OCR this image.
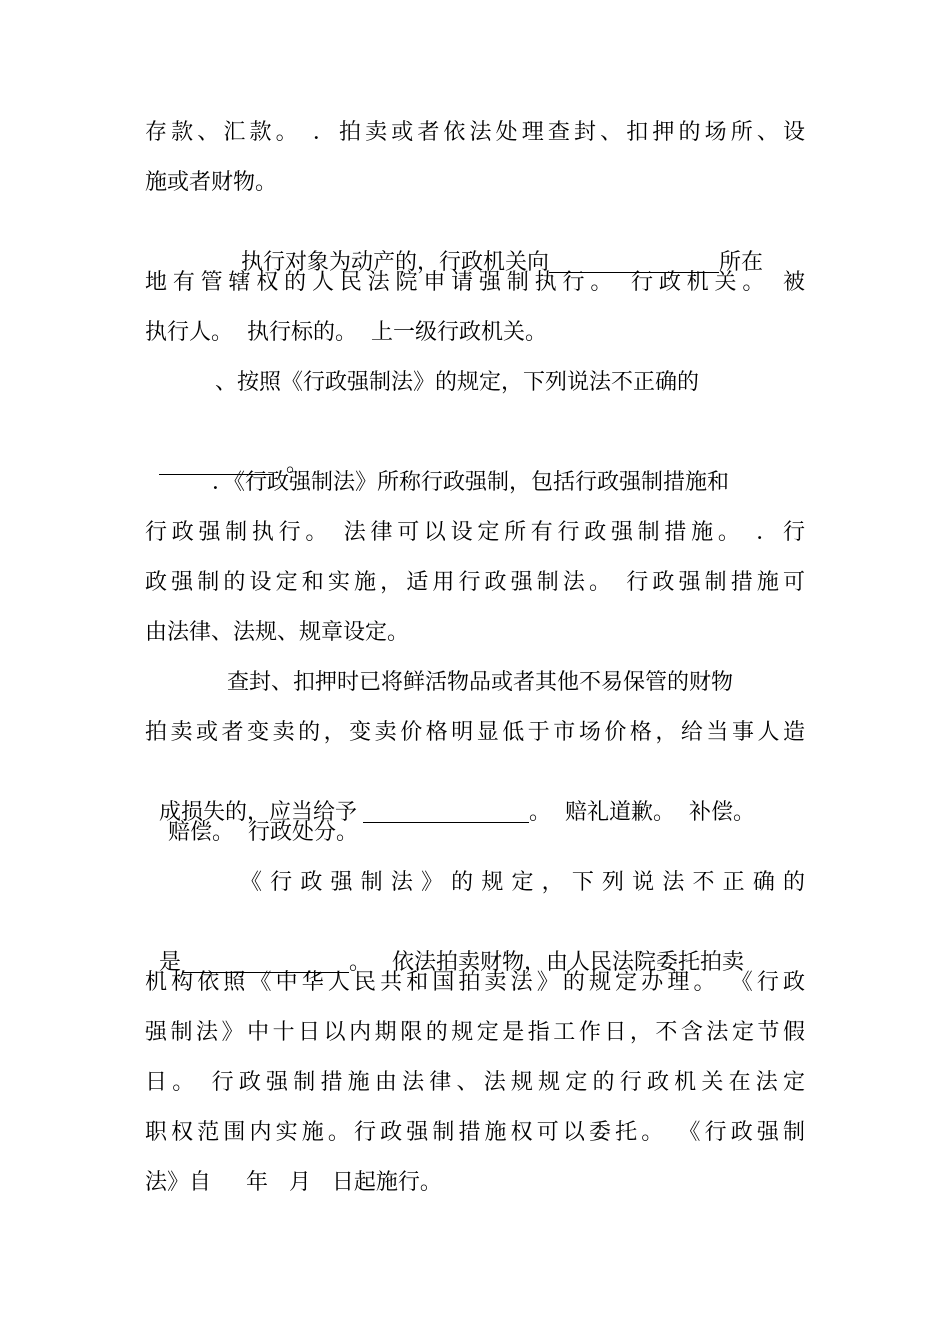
存款、汇款。 ．拍卖或者依法处理查封、扣押的场所、设
施或者财物。

执行对象为动产的，行政机关向	所在

地有管辖权的人民法院申请强制执行。 行政机关。 被
执行人。  执行标的。  上一级行政机关。
、按照《行政强制法》的规定，下列说法不正确的

。

．《行政强制法》所称行政强制，包括行政强制措施和
行政强制执行。 法律可以设定所有行政强制措施。 ．行
政强制的设定和实施，适用行政强制法。 行政强制措施可
由法律、法规、规章设定。
查封、扣押时已将鲜活物品或者其他不易保管的财物
拍卖或者变卖的，变卖价格明显低于市场价格，给当事人造

成损失的，应当给予	。  赔礼道歉。  补偿。

赔偿。  行政处分。
《行政强制法》的规定，下列说法不正确的

是	。   依法拍卖财物，由人民法院委托拍卖

机构依照《中华人民共和国拍卖法》的规定办理。 《行政
强制法》中十日以内期限的规定是指工作日，不含法定节假
日。 行政强制措施由法律、法规规定的行政机关在法定
职权范围内实施。行政强制措施权可以委托。 《行政强制
法》自     年   月   日起施行。
